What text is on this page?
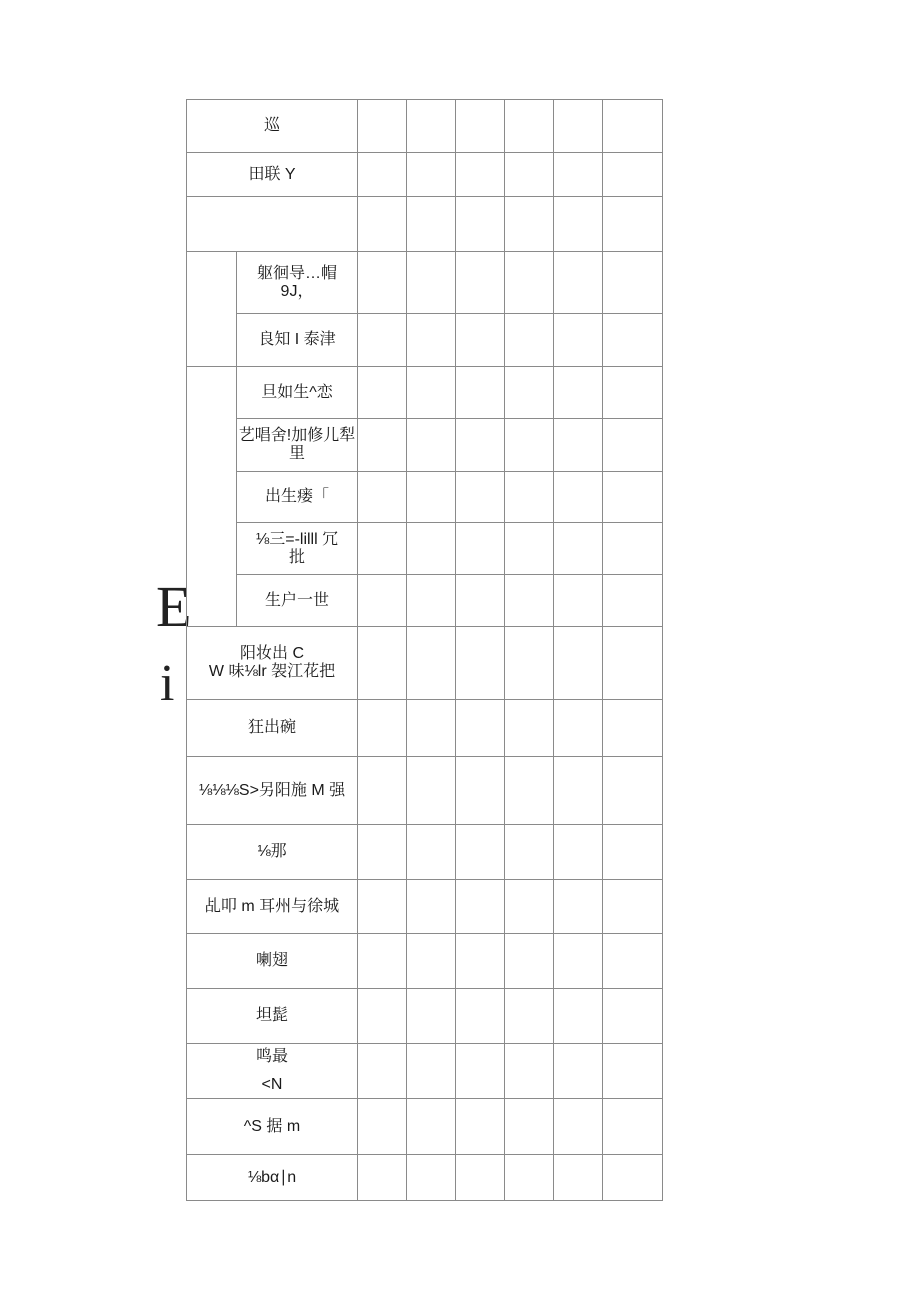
E
i
巡							
田联 Y							

	躯徊导…帽
9J，						

	良知 I 泰津						
	旦如生^恋						

	艺唱舍!加修儿犁
里						

	出生瘘「						

	⅛三=-lilll 冗
批						

	生户一世						

阳妆出 C
W 味⅛lr 袈江花把							

狂出碗							
⅛⅛⅛S>另阳施 M 强							
⅛那							
乩叩 m 耳州与徐城							
喇翅							
坦髭							

鸣最
<N							

^S 据 m							
⅛bα∣n							
